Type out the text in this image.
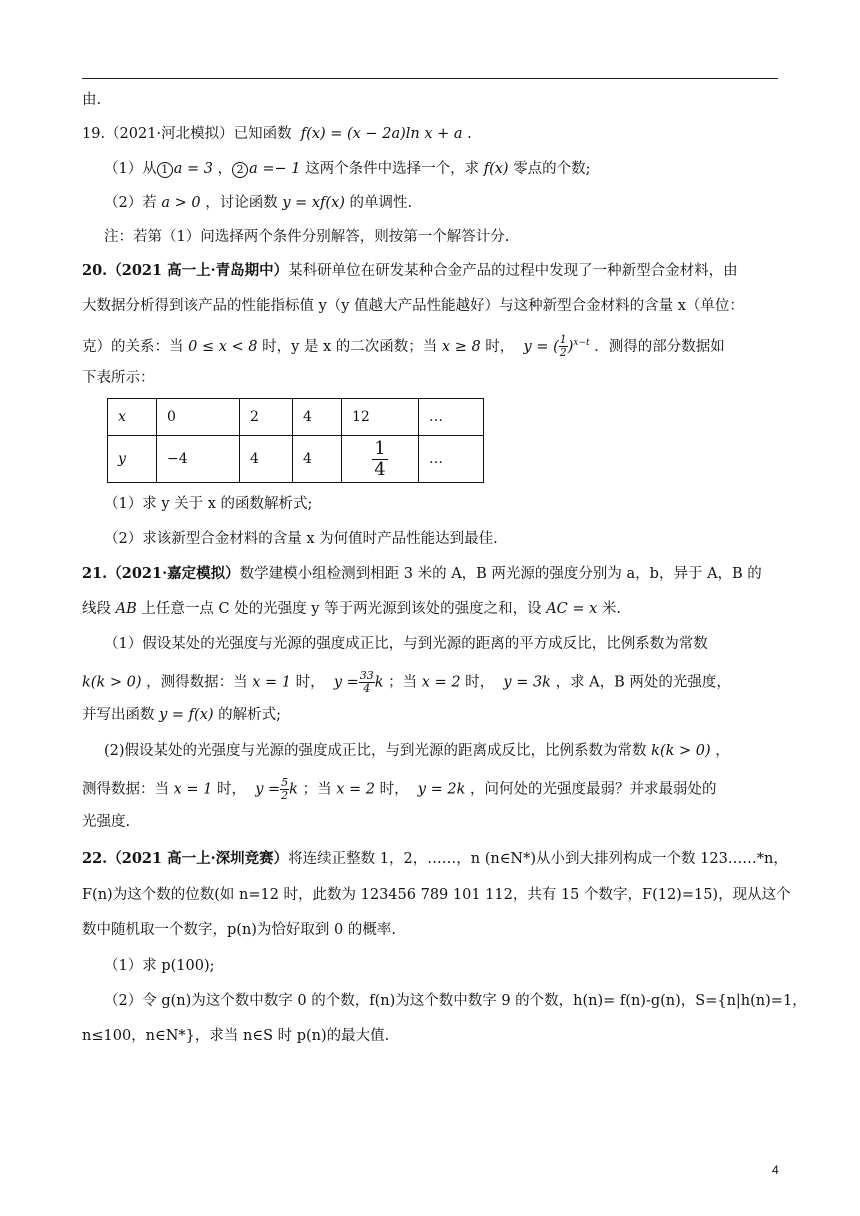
由.
19.（2021·河北模拟）已知函数 f(x) = (x − 2a)ln x + a .
（1）从 1 a = 3 ， 2 a =− 1 这两个条件中选择一个，求 f(x) 零点的个数;
（2）若 a > 0 ，讨论函数 y = xf(x) 的单调性.
注：若第（1）问选择两个条件分别解答，则按第一个解答计分.
20.（2021 高一上·青岛期中）某科研单位在研发某种合金产品的过程中发现了一种新型合金材料，由
大数据分析得到该产品的性能指标值 y（y 值越大产品性能越好）与这种新型合金材料的含量 x（单位：
克）的关系：当 0 ≤ x < 8 时，y 是 x 的二次函数；当 x ≥ 8 时， y = ( $\frac{1}{2} )^{x-t}$ ．测得的部分数据如
下表所示：
x	0	2	4	12	…
y	−4	4	4	$\frac{1}{4}$	…
（1）求 y 关于 x 的函数解析式;
（2）求该新型合金材料的含量 x 为何值时产品性能达到最佳.
21.（2021·嘉定模拟）数学建模小组检测到相距 3 米的 A，B 两光源的强度分别为 a，b，异于 A，B 的
线段 AB 上任意一点 C 处的光强度 y 等于两光源到该处的强度之和，设 AC = x 米.
（1）假设某处的光强度与光源的强度成正比，与到光源的距离的平方成反比，比例系数为常数
k(k > 0) ，测得数据：当 x = 1 时， $y = \frac{33}{4}$ k ；当 x = 2 时， y = 3k ，求 A，B 两处的光强度，
并写出函数 y = f(x) 的解析式;
(2)假设某处的光强度与光源的强度成正比，与到光源的距离成反比，比例系数为常数 k(k > 0) ，
测得数据：当 x = 1 时， $y = \frac{5}{2}$ k ；当 x = 2 时， y = 2k ，问何处的光强度最弱？并求最弱处的
光强度.
22.（2021 高一上·深圳竞赛）将连续正整数 1，2，……，n (n∈N*)从小到大排列构成一个数 123……*n，
F(n)为这个数的位数(如 n=12 时，此数为 123456 789 101 112，共有 15 个数字，F(12)=15)，现从这个
数中随机取一个数字，p(n)为恰好取到 0 的概率.
（1）求 p(100);
（2）令 g(n)为这个数中数字 0 的个数，f(n)为这个数中数字 9 的个数，h(n)= f(n)-g(n)，S={n|h(n)=1，
n≤100，n∈N*}，求当 n∈S 时 p(n)的最大值.
4
